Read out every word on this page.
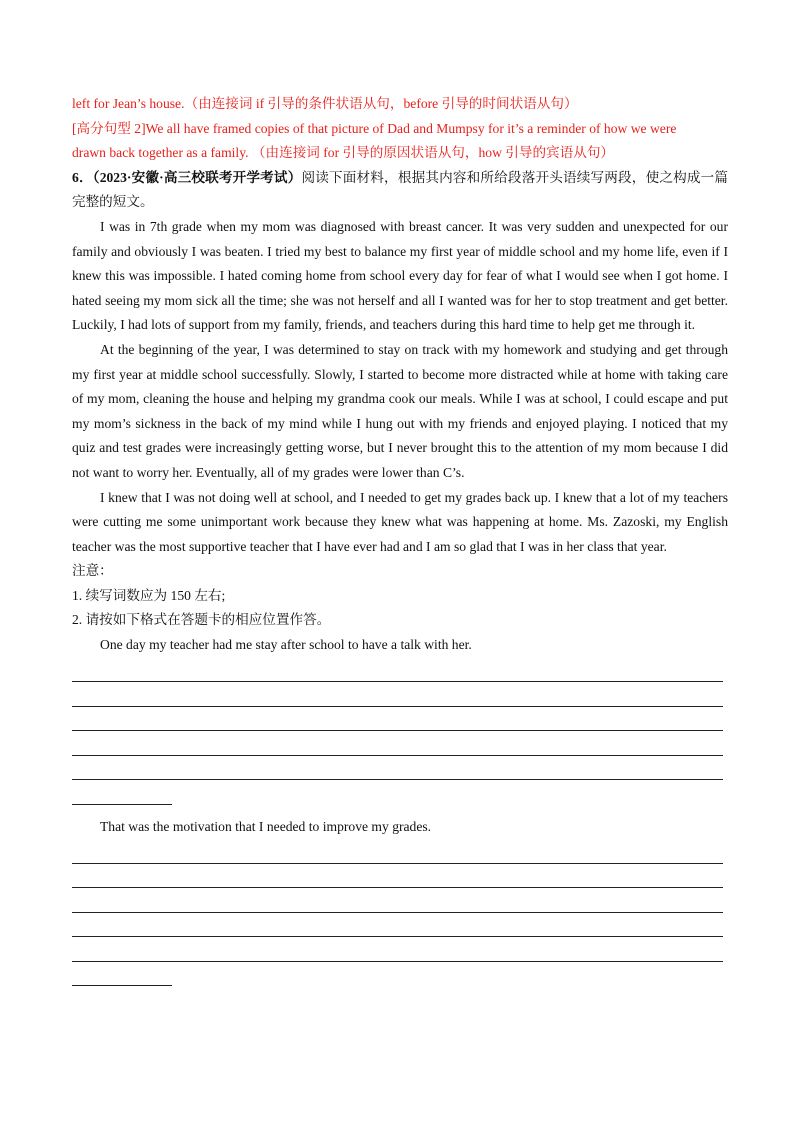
left for Jean’s house.（由连接词 if 引导的条件状语从句，before 引导的时间状语从句）

[高分句型 2]We all have framed copies of that picture of Dad and Mumpsy for it’s a reminder of how we were

drawn back together as a family. （由连接词 for 引导的原因状语从句，how 引导的宾语从句）

6．（2023·安徽·高三校联考开学考试）阅读下面材料，根据其内容和所给段落开头语续写两段，使之构成一篇完整的短文。

I was in 7th grade when my mom was diagnosed with breast cancer. It was very sudden and unexpected for our family and obviously I was beaten. I tried my best to balance my first year of middle school and my home life, even if I knew this was impossible. I hated coming home from school every day for fear of what I would see when I got home. I hated seeing my mom sick all the time; she was not herself and all I wanted was for her to stop treatment and get better. Luckily, I had lots of support from my family, friends, and teachers during this hard time to help get me through it.

At the beginning of the year, I was determined to stay on track with my homework and studying and get through my first year at middle school successfully. Slowly, I started to become more distracted while at home with taking care of my mom, cleaning the house and helping my grandma cook our meals. While I was at school, I could escape and put my mom’s sickness in the back of my mind while I hung out with my friends and enjoyed playing. I noticed that my quiz and test grades were increasingly getting worse, but I never brought this to the attention of my mom because I did not want to worry her. Eventually, all of my grades were lower than C’s.

I knew that I was not doing well at school, and I needed to get my grades back up. I knew that a lot of my teachers were cutting me some unimportant work because they knew what was happening at home. Ms. Zazoski, my English teacher was the most supportive teacher that I have ever had and I am so glad that I was in her class that year.

注意：

1. 续写词数应为 150 左右;

2. 请按如下格式在答题卡的相应位置作答。

One day my teacher had me stay after school to have a talk with her.

That was the motivation that I needed to improve my grades.
